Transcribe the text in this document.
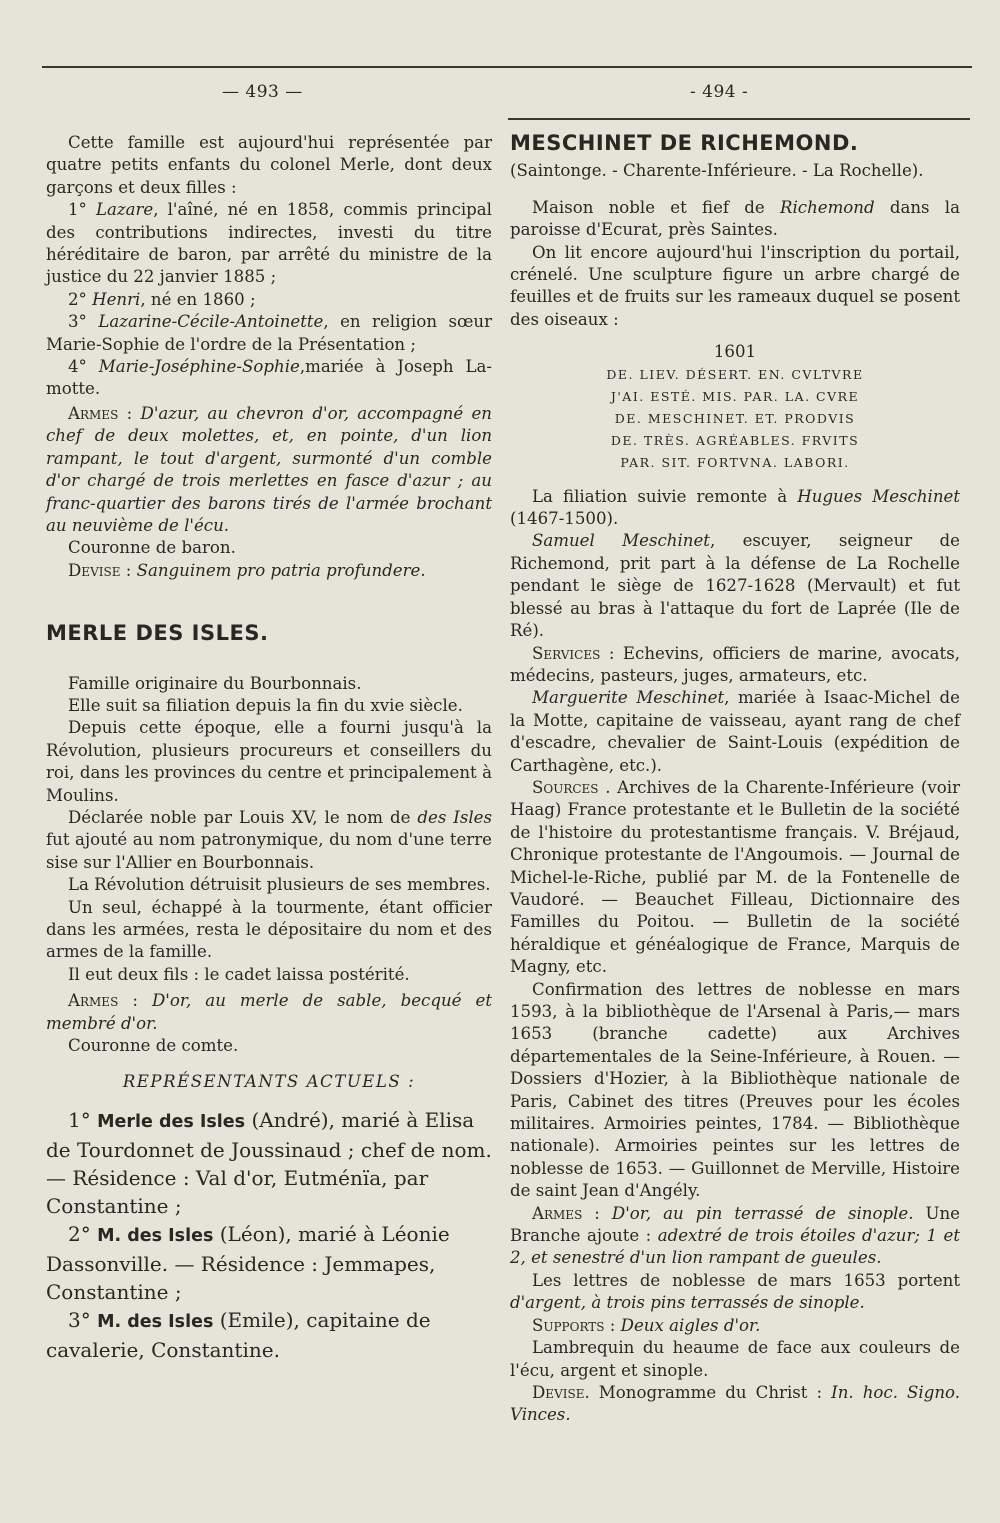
— 493 —	- 494 -

Cette famille est aujourd'hui représentée par quatre petits enfants du colonel Merle, dont deux garçons et deux filles :

1° Lazare, l'aîné, né en 1858, commis principal des contributions indirectes, investi du titre héréditaire de baron, par arrêté du ministre de la justice du 22 janvier 1885 ;

2° Henri, né en 1860 ;

3° Lazarine-Cécile-Antoinette, en religion sœur Marie-Sophie de l'ordre de la Présentation ;

4° Marie-Joséphine-Sophie,mariée à Joseph La-motte.

Armes : D'azur, au chevron d'or, accompagné en chef de deux molettes, et, en pointe, d'un lion rampant, le tout d'argent, surmonté d'un comble d'or chargé de trois merlettes en fasce d'azur ; au franc-quartier des barons tirés de l'armée brochant au neuvième de l'écu.

Couronne de baron.

Devise : Sanguinem pro patria profundere.

MERLE DES ISLES.

Famille originaire du Bourbonnais.

Elle suit sa filiation depuis la fin du xvie siècle.

Depuis cette époque, elle a fourni jusqu'à la Révolution, plusieurs procureurs et conseillers du roi, dans les provinces du centre et principalement à Moulins.

Déclarée noble par Louis XV, le nom de des Isles fut ajouté au nom patronymique, du nom d'une terre sise sur l'Allier en Bourbonnais.

La Révolution détruisit plusieurs de ses membres.

Un seul, échappé à la tourmente, étant officier dans les armées, resta le dépositaire du nom et des armes de la famille.

Il eut deux fils : le cadet laissa postérité.

Armes : D'or, au merle de sable, becqué et membré d'or.

Couronne de comte.

REPRÉSENTANTS ACTUELS :

1° Merle des Isles (André), marié à Elisa de Tourdonnet de Joussinaud ; chef de nom. — Résidence : Val d'or, Eutménïa, par Constantine ;

2° M. des Isles (Léon), marié à Léonie Dassonville. — Résidence : Jemmapes, Constantine ;

3° M. des Isles (Emile), capitaine de cavalerie, Constantine.

MESCHINET DE RICHEMOND.

(Saintonge. - Charente-Inférieure. - La Rochelle).

Maison noble et fief de Richemond dans la paroisse d'Ecurat, près Saintes.

On lit encore aujourd'hui l'inscription du portail, crénelé. Une sculpture figure un arbre chargé de feuilles et de fruits sur les rameaux duquel se posent des oiseaux :

1601

DE. LIEV. DÉSERT. EN. CVLTVRE

J'AI. ESTÉ. MIS. PAR. LA. CVRE

DE. MESCHINET. ET. PRODVIS

DE. TRÈS. AGRÉABLES. FRVITS

PAR. SIT. FORTVNA. LABORI.

La filiation suivie remonte à Hugues Meschinet (1467-1500).

Samuel Meschinet, escuyer, seigneur de Richemond, prit part à la défense de La Rochelle pendant le siège de 1627-1628 (Mervault) et fut blessé au bras à l'attaque du fort de Laprée (Ile de Ré).

Services : Echevins, officiers de marine, avocats, médecins, pasteurs, juges, armateurs, etc.

Marguerite Meschinet, mariée à Isaac-Michel de la Motte, capitaine de vaisseau, ayant rang de chef d'escadre, chevalier de Saint-Louis (expédition de Carthagène, etc.).

Sources . Archives de la Charente-Inférieure (voir Haag) France protestante et le Bulletin de la société de l'histoire du protestantisme français. V. Bréjaud, Chronique protestante de l'Angoumois. — Journal de Michel-le-Riche, publié par M. de la Fontenelle de Vaudoré. — Beauchet Filleau, Dictionnaire des Familles du Poitou. — Bulletin de la société héraldique et généalogique de France, Marquis de Magny, etc.

Confirmation des lettres de noblesse en mars 1593, à la bibliothèque de l'Arsenal à Paris,— mars 1653 (branche cadette) aux Archives départementales de la Seine-Inférieure, à Rouen. — Dossiers d'Hozier, à la Bibliothèque nationale de Paris, Cabinet des titres (Preuves pour les écoles militaires. Armoiries peintes, 1784. — Bibliothèque nationale). Armoiries peintes sur les lettres de noblesse de 1653. — Guillonnet de Merville, Histoire de saint Jean d'Angély.

Armes : D'or, au pin terrassé de sinople. Une Branche ajoute : adextré de trois étoiles d'azur; 1 et 2, et senestré d'un lion rampant de gueules.

Les lettres de noblesse de mars 1653 portent d'argent, à trois pins terrassés de sinople.

Supports : Deux aigles d'or.

Lambrequin du heaume de face aux couleurs de l'écu, argent et sinople.

Devise. Monogramme du Christ : In. hoc. Signo. Vinces.
